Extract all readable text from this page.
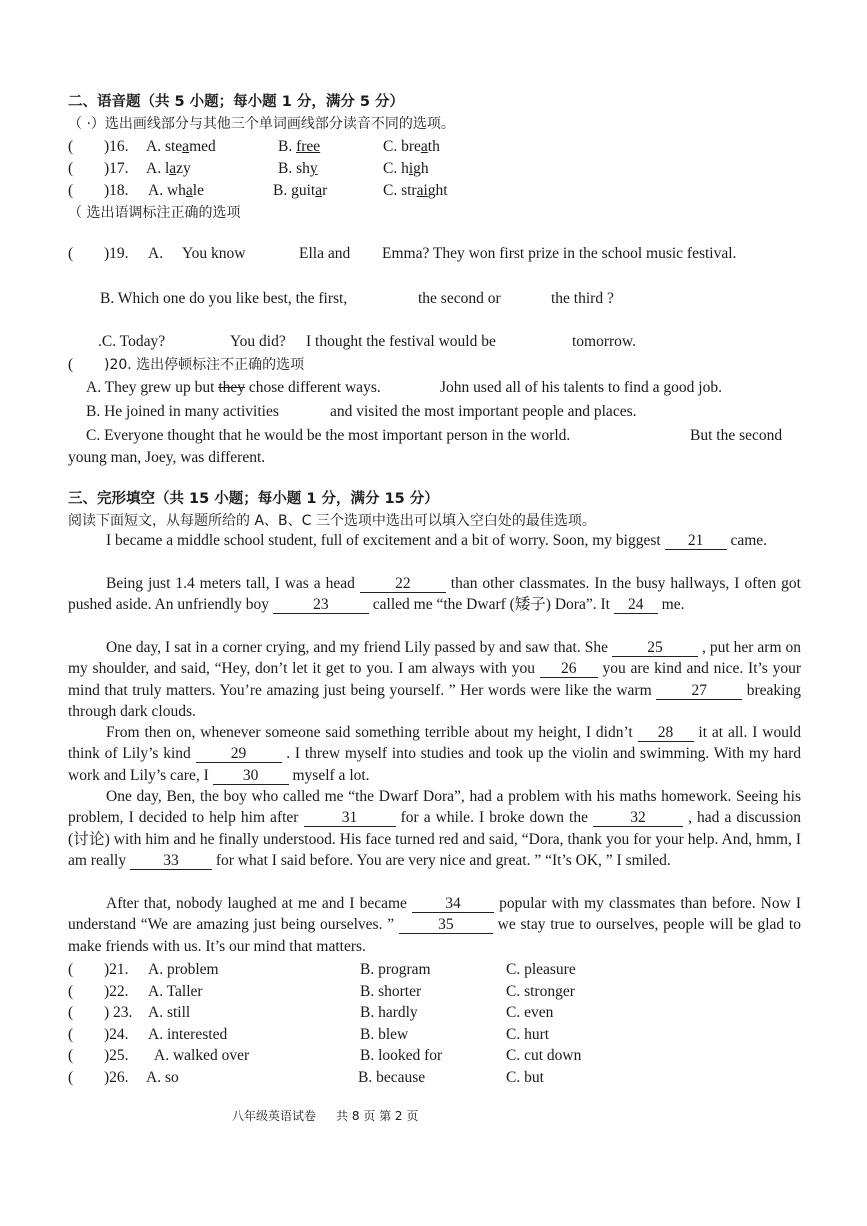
二、语音题（共 5 小题；每小题 1 分，满分 5 分）
（ ·）选出画线部分与其他三个单词画线部分读音不同的选项。
( )16. A. steamed	B. free	C. breath
( )17. A. lazy	B. shy	C. high
( )18. A. whale	B. guitar	C. straight
（ 选出语调标注正确的选项
( )19. A. You know	Ella and Emma? They won first prize in the school music festival.
B. Which one do you like best, the first,	the second or	the third ?
.C. Today?	You did? I thought the festival would be	tomorrow.
( )20. 选出停顿标注不正确的选项
A. They grew up but they chose different ways.	John used all of his talents to find a good job.
B. He joined in many activities	and visited the most important people and places.
C. Everyone thought that he would be the most important person in the world.	But the second
young man, Joey, was different.
三、完形填空（共 15 小题；每小题 1 分，满分 15 分）
阅读下面短文，从每题所给的 A、B、C 三个选项中选出可以填入空白处的最佳选项。
I became a middle school student, full of excitement and a bit of worry. Soon, my biggest 21 came.
Being just 1.4 meters tall, I was a head 22 than other classmates. In the busy hallways, I often got pushed aside. An unfriendly boy	23	called me “the Dwarf (矮子) Dora”. It 24 me.
One day, I sat in a corner crying, and my friend Lily passed by and saw that. She 25 , put her arm on my shoulder, and said, “Hey, don’t let it get to you. I am always with you 26 you are kind and nice. It’s your mind that truly matters. You’re amazing just being yourself. ” Her words were like the warm 27 breaking through dark clouds.
From then on, whenever someone said something terrible about my height, I didn’t 28 it at all. I would think of Lily’s kind 29 . I threw myself into studies and took up the violin and swimming. With my hard work and Lily’s care, I 30 myself a lot.
One day, Ben, the boy who called me “the Dwarf Dora”, had a problem with his maths homework. Seeing his problem, I decided to help him after 31 for a while. I broke down the 32 , had a discussion (讨论) with him and he finally understood. His face turned red and said, “Dora, thank you for your help. And, hmm, I am really 33 for what I said before. You are very nice and great. ” “It’s OK, ” I smiled.
After that, nobody laughed at me and I became 34 popular with my classmates than before. Now I understand “We are amazing just being ourselves. ”	35	we stay true to ourselves, people will be glad to make friends with us. It’s our mind that matters.
( )21. A. problem	B. program	C. pleasure
( )22. A. Taller	B. shorter	C. stronger
( ) 23. A. still	B. hardly	C. even
( )24. A. interested	B. blew	C. hurt
( )25. A. walked over	B. looked for	C. cut down
( )26. A. so	B. because	C. but
八年级英语试卷 共 8 页 第 2 页
